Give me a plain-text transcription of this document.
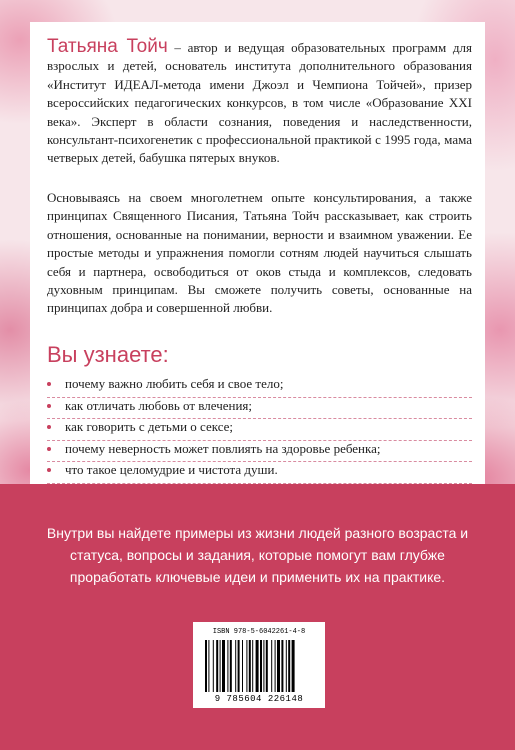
Татьяна Тойч – автор и ведущая образовательных программ для взрослых и детей, основатель института дополнительного образования «Институт ИДЕАЛ-метода имени Джоэл и Чемпиона Тойчей», призер всероссийских педагогических конкурсов, в том числе «Образование XXI века». Эксперт в области сознания, поведения и наследственности, консультант-психогенетик с профессиональной практикой с 1995 года, мама четверых детей, бабушка пятерых внуков.

Основываясь на своем многолетнем опыте консультирования, а также принципах Священного Писания, Татьяна Тойч рассказывает, как строить отношения, основанные на понимании, верности и взаимном уважении. Ее простые методы и упражнения помогли сотням людей научиться слышать себя и партнера, освободиться от оков стыда и комплексов, следовать духовным принципам. Вы сможете получить советы, основанные на принципах добра и совершенной любви.

Вы узнаете:
почему важно любить себя и свое тело;
как отличать любовь от влечения;
как говорить с детьми о сексе;
почему неверность может повлиять на здоровье ребенка;
что такое целомудрие и чистота души.

Внутри вы найдете примеры из жизни людей разного возраста и статуса, вопросы и задания, которые помогут вам глубже проработать ключевые идеи и применить их на практике.

ISBN 978-5-6042261-4-8
9 785604 226148
